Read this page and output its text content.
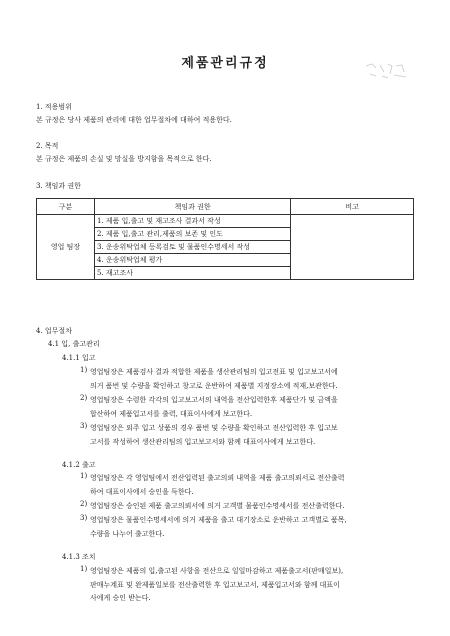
제품관리규정
1. 적용범위
본 규정은 당사 제품의 관리에 대한 업무절차에 대하여 적용한다.
2. 목적
본 규정은 제품의 손실 및 망실을 방지함을 목적으로 한다.
3. 책임과 권한
구분	책임과 권한	비고
영업 팀장	1. 제품 입,출고 및 재고조사 결과서 작성
2. 제품 입,출고 관리,제품의 보존 및 인도
3. 운송위탁업체 등록검토 및 물품인수명세서 작성
4. 운송위탁업체 평가
5. 재고조사	

4. 업무절차
4.1 입, 출고관리
4.1.1 입고
1) 영업팀장은 제품검사 결과 적합한 제품을 생산관리팀의 입고전표 및 입고보고서에
의거 품번 및 수량을 확인하고 창고로 운반하여 제품별 지정장소에 적재,보관한다.
2) 영업팀장은 수령한 각각의 입고보고서의 내역을 전산입력한후 제품단가 및 금액을
합산하여 제품입고서를 출력, 대표이사에게 보고한다.
3) 영업팀장은 외주 입고 상품의 경우 품번 및 수량을 확인하고 전산입력한 후 입고보
고서를 작성하여 생산관리팀의 입고보고서와 함께 대표이사에게 보고한다.
4.1.2 출고
1) 영업팀장은 각 영업팀에서 전산입력된 출고의뢰 내역을 제품 출고의뢰서로 전산출력
하여 대표이사에서 승인을 득한다.
2) 영업팀장은 승인된 제품 출고의뢰서에 의거 고객별 물품인수명세서를 전산출력한다.
3) 영업팀장은 물품인수명세서에 의거 제품을 출고 대기장소로 운반하고 고객별로 품목,
수량을 나누어 출고한다.
4.1.3 조치
1) 영업팀장은 제품의 입,출고된 사항을 전산으로 일일마감하고 제품출고서(판매일보),
판매누계표 및 완제품일보를 전산출력한 후 입고보고서, 제품입고서와 함께 대표이
사에게 승인 받는다.
